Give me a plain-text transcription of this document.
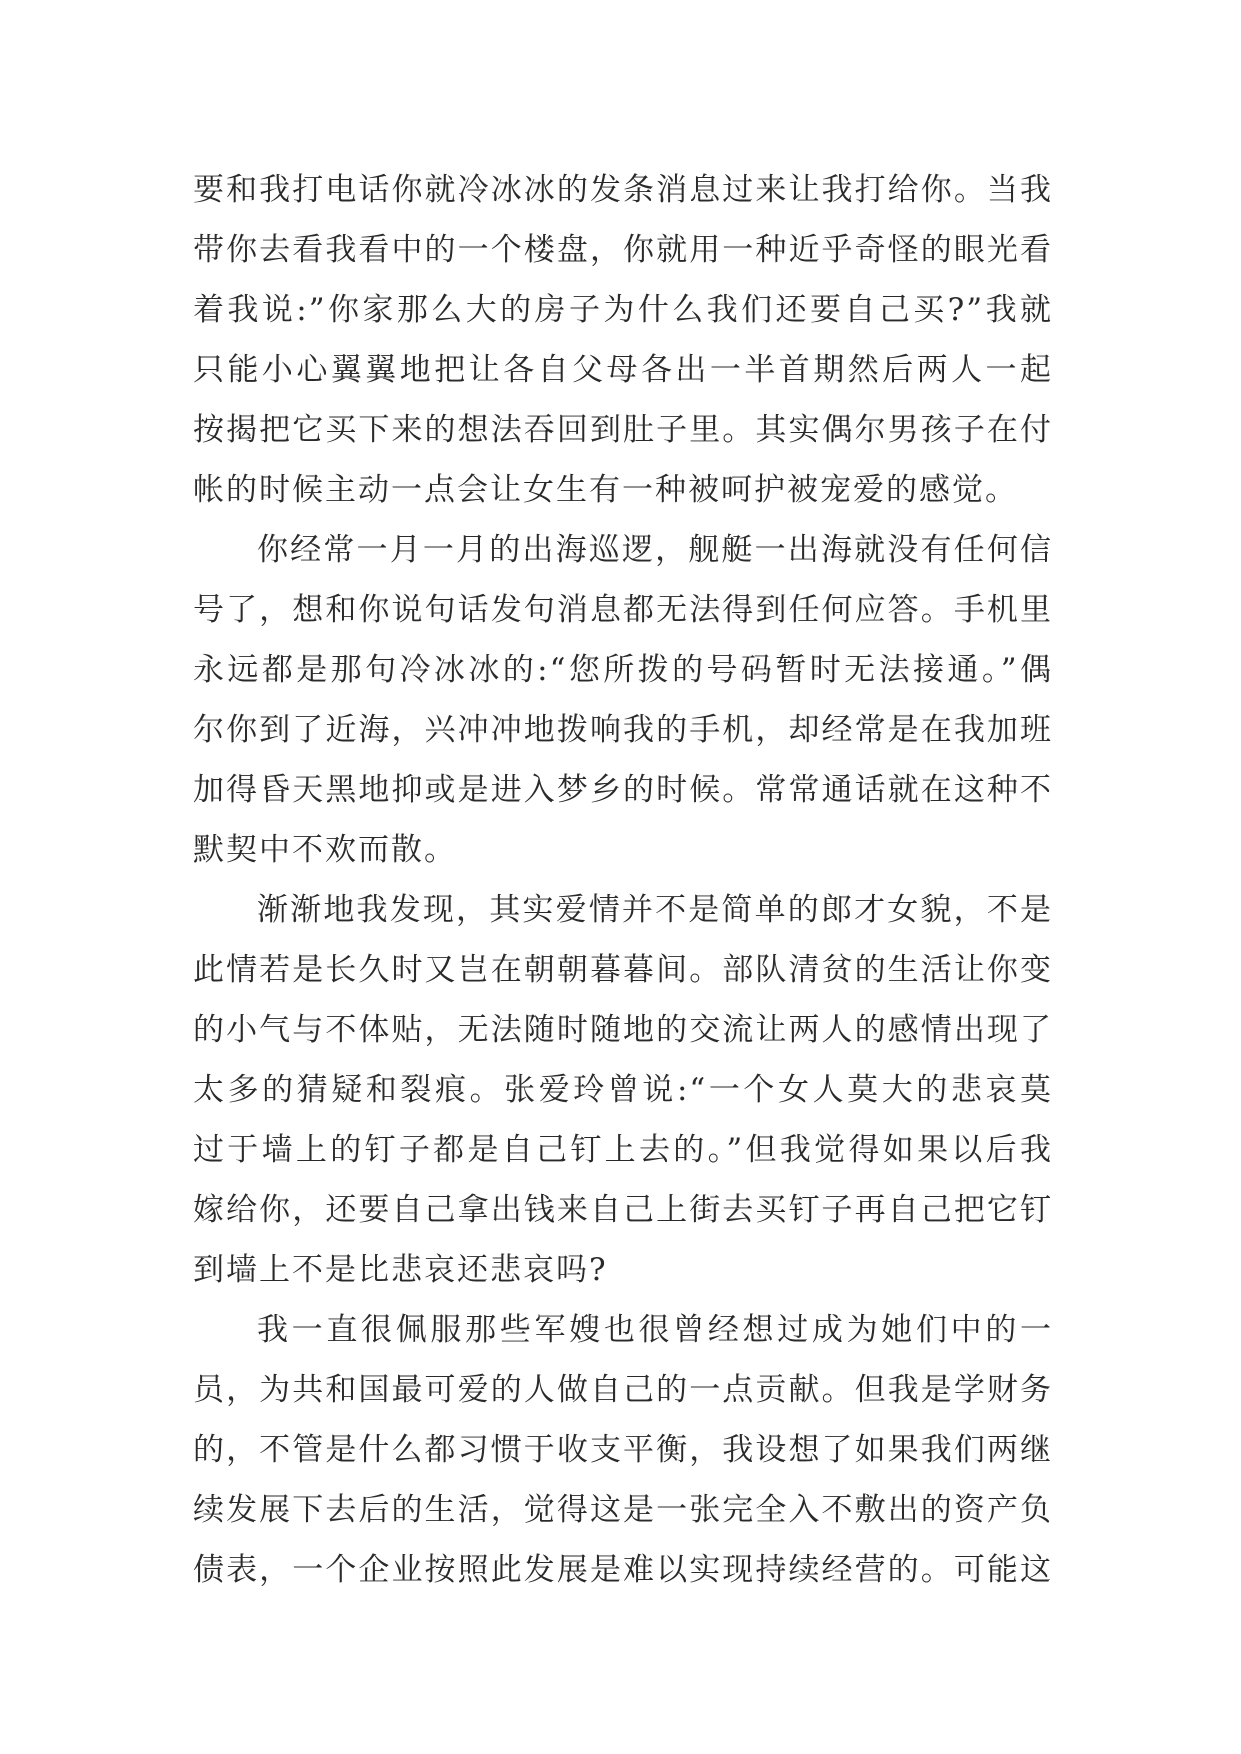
要和我打电话你就冷冰冰的发条消息过来让我打给你。当我

带你去看我看中的一个楼盘，你就用一种近乎奇怪的眼光看

着我说:”你家那么大的房子为什么我们还要自己买?”我就

只能小心翼翼地把让各自父母各出一半首期然后两人一起

按揭把它买下来的想法吞回到肚子里。其实偶尔男孩子在付

帐的时候主动一点会让女生有一种被呵护被宠爱的感觉。

你经常一月一月的出海巡逻，舰艇一出海就没有任何信

号了，想和你说句话发句消息都无法得到任何应答。手机里

永远都是那句冷冰冰的:“您所拨的号码暂时无法接通。”偶

尔你到了近海，兴冲冲地拨响我的手机，却经常是在我加班

加得昏天黑地抑或是进入梦乡的时候。常常通话就在这种不

默契中不欢而散。

渐渐地我发现，其实爱情并不是简单的郎才女貌，不是

此情若是长久时又岂在朝朝暮暮间。部队清贫的生活让你变

的小气与不体贴，无法随时随地的交流让两人的感情出现了

太多的猜疑和裂痕。张爱玲曾说:“一个女人莫大的悲哀莫

过于墙上的钉子都是自己钉上去的。”但我觉得如果以后我

嫁给你，还要自己拿出钱来自己上街去买钉子再自己把它钉

到墙上不是比悲哀还悲哀吗?

我一直很佩服那些军嫂也很曾经想过成为她们中的一

员，为共和国最可爱的人做自己的一点贡献。但我是学财务

的，不管是什么都习惯于收支平衡，我设想了如果我们两继

续发展下去后的生活，觉得这是一张完全入不敷出的资产负

债表，一个企业按照此发展是难以实现持续经营的。可能这
